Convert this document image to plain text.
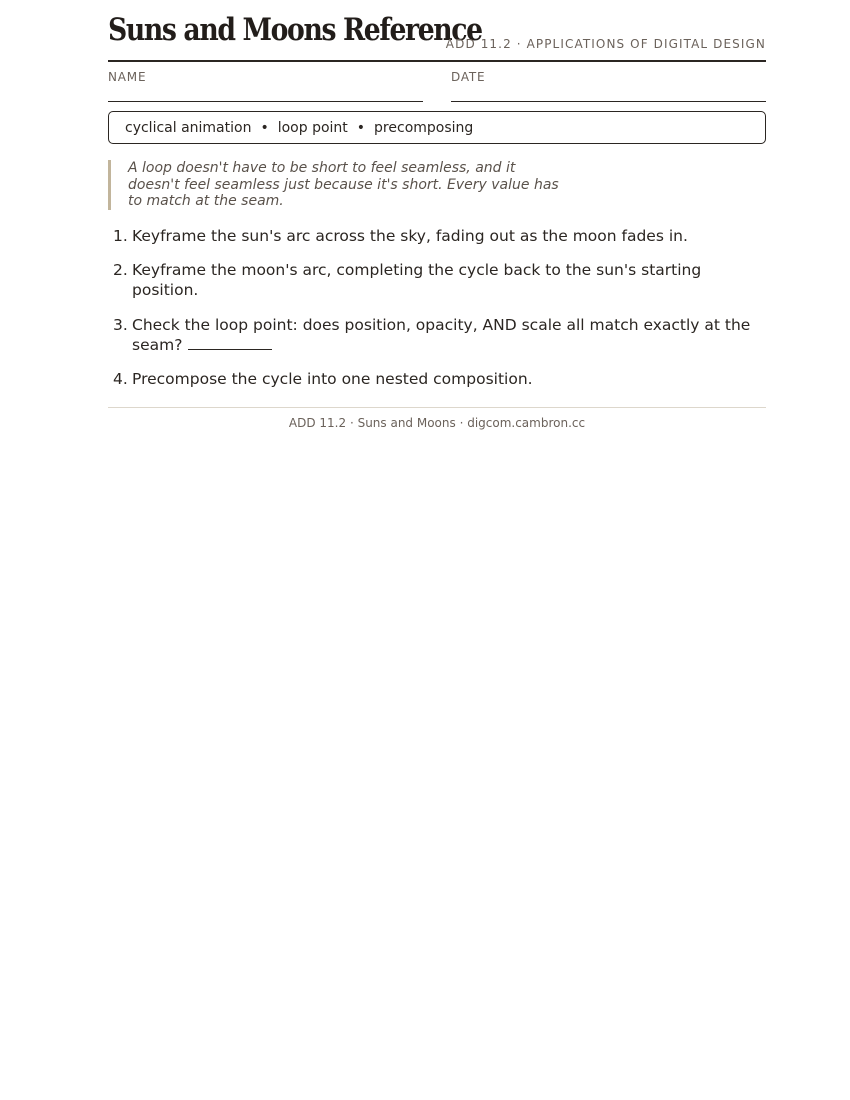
Suns and Moons Reference
ADD 11.2 · APPLICATIONS OF DIGITAL DESIGN
NAME	DATE
cyclical animation • loop point • precomposing
A loop doesn't have to be short to feel seamless, and it doesn't feel seamless just because it's short. Every value has to match at the seam.
1. Keyframe the sun's arc across the sky, fading out as the moon fades in.
2. Keyframe the moon's arc, completing the cycle back to the sun's starting position.
3. Check the loop point: does position, opacity, AND scale all match exactly at the seam?
4. Precompose the cycle into one nested composition.
ADD 11.2 · Suns and Moons · digcom.cambron.cc
